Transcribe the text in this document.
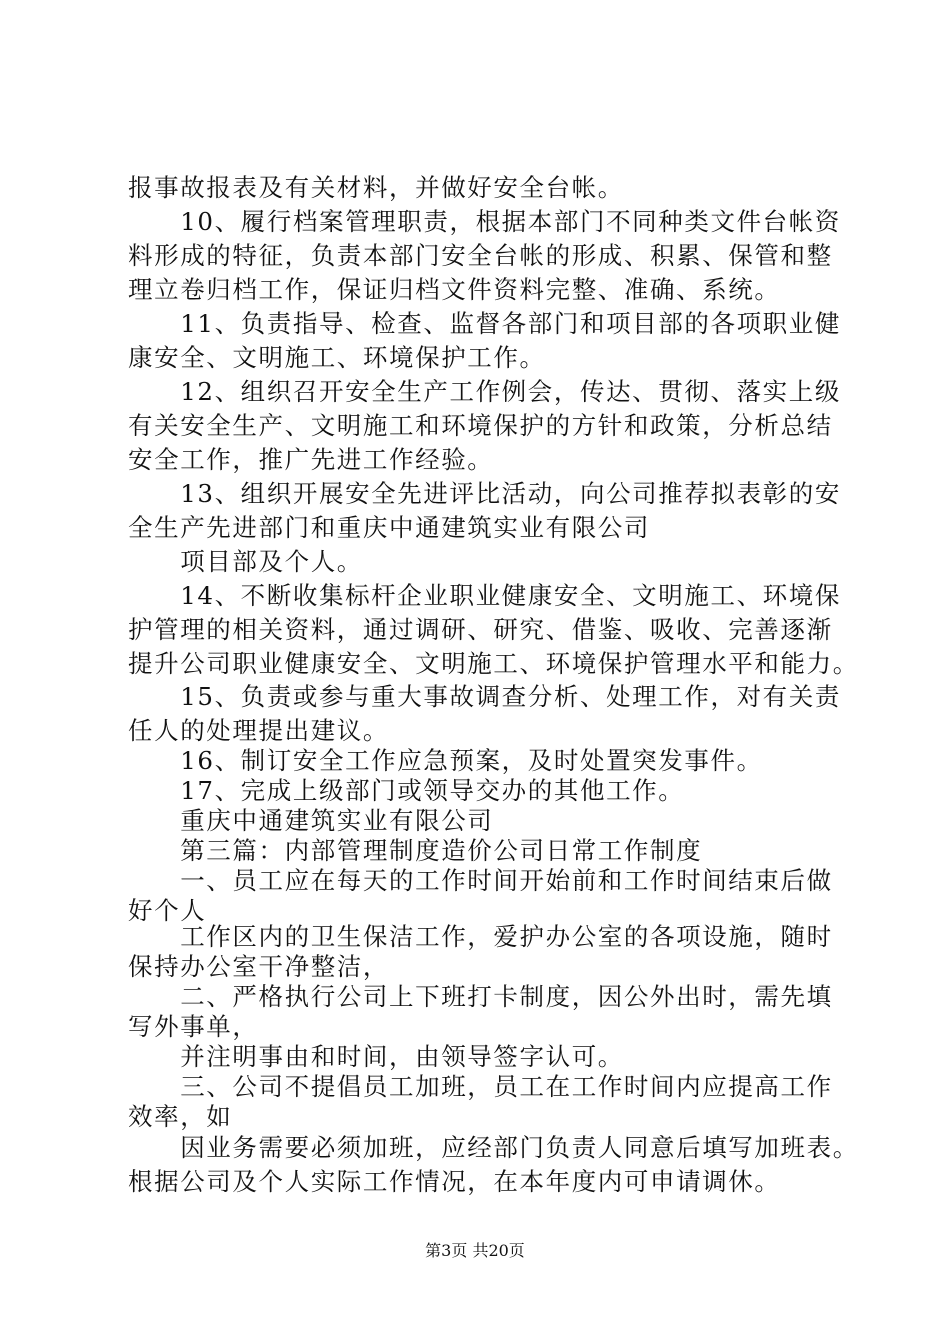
报事故报表及有关材料，并做好安全台帐。
　　10、履行档案管理职责，根据本部门不同种类文件台帐资
料形成的特征，负责本部门安全台帐的形成、积累、保管和整
理立卷归档工作，保证归档文件资料完整、准确、系统。
　　11、负责指导、检查、监督各部门和项目部的各项职业健
康安全、文明施工、环境保护工作。
　　12、组织召开安全生产工作例会，传达、贯彻、落实上级
有关安全生产、文明施工和环境保护的方针和政策，分析总结
安全工作，推广先进工作经验。
　　13、组织开展安全先进评比活动，向公司推荐拟表彰的安
全生产先进部门和重庆中通建筑实业有限公司
　　项目部及个人。
　　14、不断收集标杆企业职业健康安全、文明施工、环境保
护管理的相关资料，通过调研、研究、借鉴、吸收、完善逐渐
提升公司职业健康安全、文明施工、环境保护管理水平和能力。
　　15、负责或参与重大事故调查分析、处理工作，对有关责
任人的处理提出建议。
　　16、制订安全工作应急预案，及时处置突发事件。
　　17、完成上级部门或领导交办的其他工作。
　　重庆中通建筑实业有限公司
　　第三篇：内部管理制度造价公司日常工作制度
　　一、员工应在每天的工作时间开始前和工作时间结束后做
好个人
　　工作区内的卫生保洁工作，爱护办公室的各项设施，随时
保持办公室干净整洁，
　　二、严格执行公司上下班打卡制度，因公外出时，需先填
写外事单，
　　并注明事由和时间，由领导签字认可。
　　三、公司不提倡员工加班，员工在工作时间内应提高工作
效率，如
第3页 共20页
　　因业务需要必须加班，应经部门负责人同意后填写加班表。
根据公司及个人实际工作情况，在本年度内可申请调休。
